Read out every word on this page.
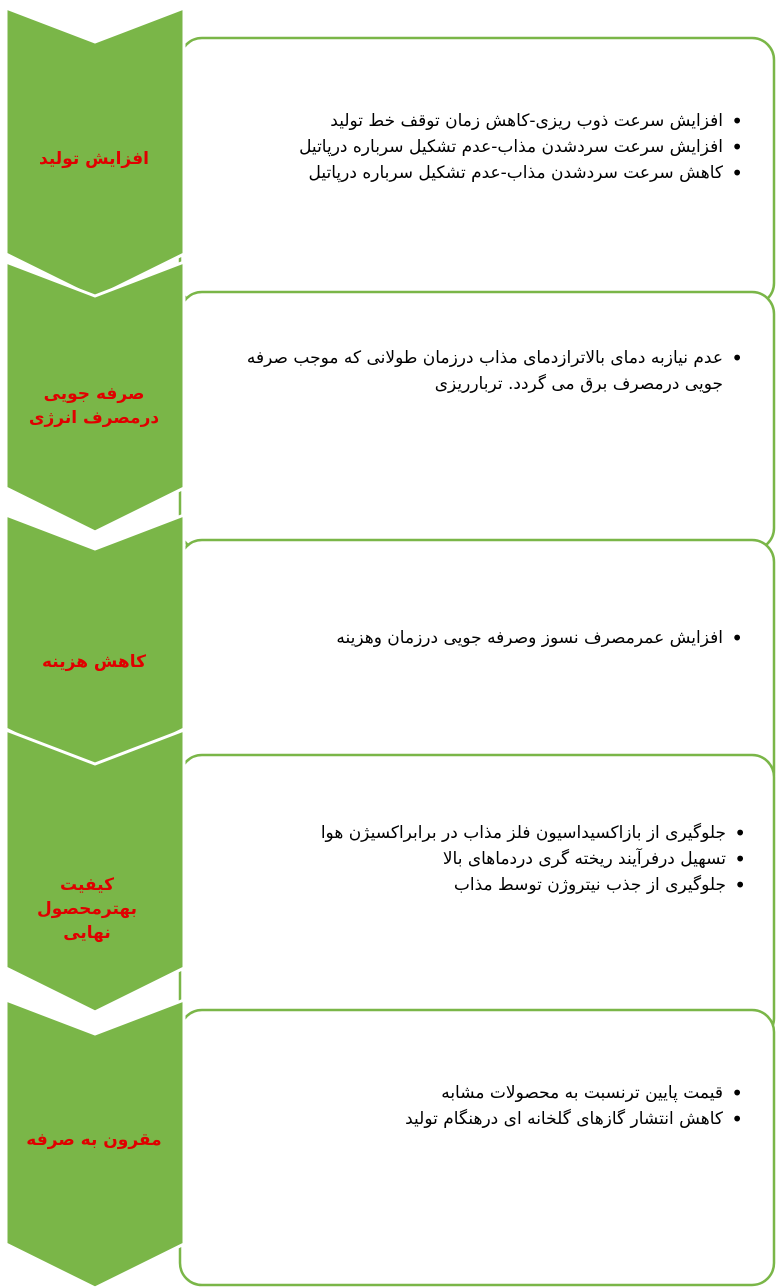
افزایش تولید
• افزایش سرعت ذوب ریزی-کاهش زمان توقف خط تولید
• افزایش سرعت سردشدن مذاب-عدم تشکیل سرباره درپاتیل
• کاهش سرعت سردشدن مذاب-عدم تشکیل سرباره درپاتیل
صرفه جویی
درمصرف انرژی
• عدم نیازبه دمای بالاترازدمای مذاب درزمان طولانی که موجب صرفه جویی درمصرف برق می گردد. تربارریزی
کاهش هزینه
• افزایش عمرمصرف نسوز وصرفه جویی درزمان وهزینه
کیفیت بهترمحصول
نهایی
• جلوگیری از بازاکسیداسیون فلز مذاب در برابراکسیژن هوا
• تسهیل درفرآیند ریخته گری دردماهای بالا
• جلوگیری از جذب نیتروژن توسط مذاب
مقرون به صرفه
• قیمت پایین ترنسبت به محصولات مشابه
• کاهش انتشار گازهای گلخانه ای درهنگام تولید
